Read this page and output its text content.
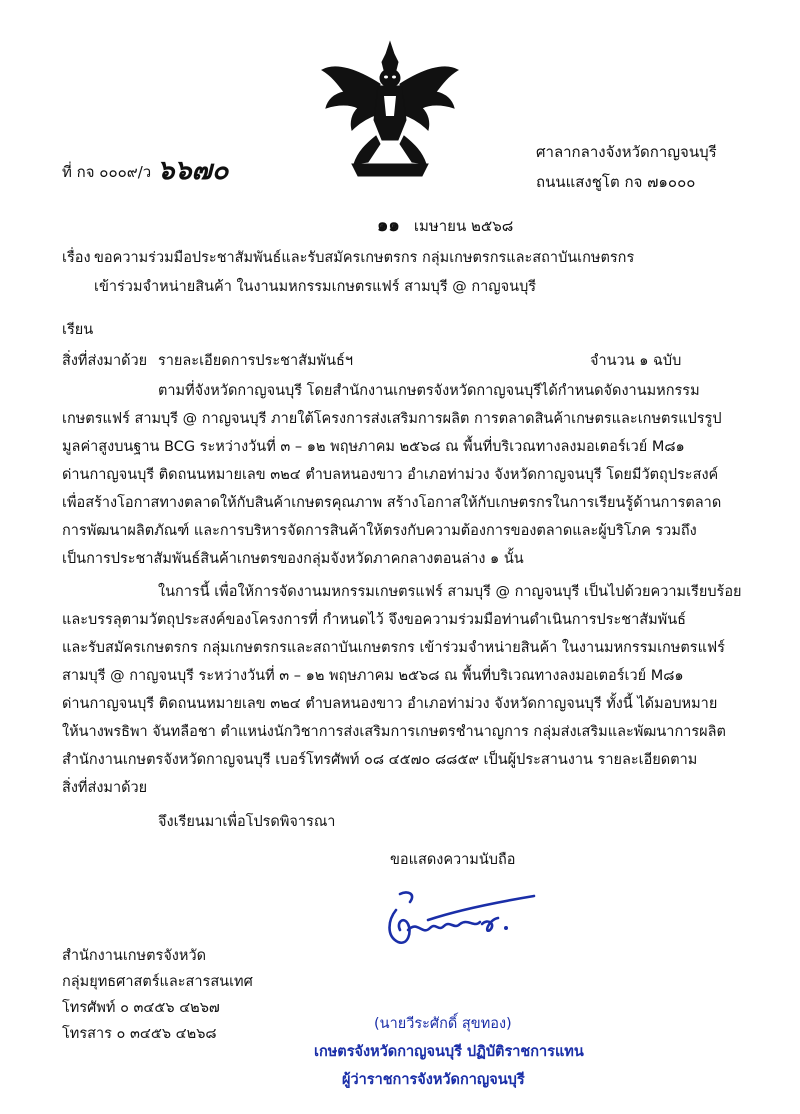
ที่ กจ ๐๐๐๙/ว ๖๖๗๐
ศาลากลางจังหวัดกาญจนบุรี
ถนนแสงชูโต กจ ๗๑๐๐๐
๑๑ เมษายน ๒๕๖๘
เรื่อง ขอความร่วมมือประชาสัมพันธ์และรับสมัครเกษตรกร กลุ่มเกษตรกรและสถาบันเกษตรกร
เข้าร่วมจำหน่ายสินค้า ในงานมหกรรมเกษตรแฟร์ สามบุรี @ กาญจนบุรี
เรียน
สิ่งที่ส่งมาด้วย รายละเอียดการประชาสัมพันธ์ฯ	จำนวน ๑ ฉบับ
ตามที่จังหวัดกาญจนบุรี โดยสำนักงานเกษตรจังหวัดกาญจนบุรีได้กำหนดจัดงานมหกรรม
เกษตรแฟร์ สามบุรี @ กาญจนบุรี ภายใต้โครงการส่งเสริมการผลิต การตลาดสินค้าเกษตรและเกษตรแปรรูป
มูลค่าสูงบนฐาน BCG ระหว่างวันที่ ๓ – ๑๒ พฤษภาคม ๒๕๖๘ ณ พื้นที่บริเวณทางลงมอเตอร์เวย์ M๘๑
ด่านกาญจนบุรี ติดถนนหมายเลข ๓๒๔ ตำบลหนองขาว อำเภอท่าม่วง จังหวัดกาญจนบุรี โดยมีวัตถุประสงค์
เพื่อสร้างโอกาสทางตลาดให้กับสินค้าเกษตรคุณภาพ สร้างโอกาสให้กับเกษตรกรในการเรียนรู้ด้านการตลาด
การพัฒนาผลิตภัณฑ์ และการบริหารจัดการสินค้าให้ตรงกับความต้องการของตลาดและผู้บริโภค รวมถึง
เป็นการประชาสัมพันธ์สินค้าเกษตรของกลุ่มจังหวัดภาคกลางตอนล่าง ๑ นั้น
ในการนี้ เพื่อให้การจัดงานมหกรรมเกษตรแฟร์ สามบุรี @ กาญจนบุรี เป็นไปด้วยความเรียบร้อย
และบรรลุตามวัตถุประสงค์ของโครงการที่ กำหนดไว้ จึงขอความร่วมมือท่านดำเนินการประชาสัมพันธ์
และรับสมัครเกษตรกร กลุ่มเกษตรกรและสถาบันเกษตรกร เข้าร่วมจำหน่ายสินค้า ในงานมหกรรมเกษตรแฟร์
สามบุรี @ กาญจนบุรี ระหว่างวันที่ ๓ – ๑๒ พฤษภาคม ๒๕๖๘ ณ พื้นที่บริเวณทางลงมอเตอร์เวย์ M๘๑
ด่านกาญจนบุรี ติดถนนหมายเลข ๓๒๔ ตำบลหนองขาว อำเภอท่าม่วง จังหวัดกาญจนบุรี ทั้งนี้ ได้มอบหมาย
ให้นางพรธิพา จันทลือชา ตำแหน่งนักวิชาการส่งเสริมการเกษตรชำนาญการ กลุ่มส่งเสริมและพัฒนาการผลิต
สำนักงานเกษตรจังหวัดกาญจนบุรี เบอร์โทรศัพท์ ๐๘ ๔๕๗๐ ๘๘๕๙ เป็นผู้ประสานงาน รายละเอียดตาม
สิ่งที่ส่งมาด้วย
จึงเรียนมาเพื่อโปรดพิจารณา
ขอแสดงความนับถือ
สำนักงานเกษตรจังหวัด
กลุ่มยุทธศาสตร์และสารสนเทศ
โทรศัพท์ ๐ ๓๔๕๖ ๔๒๖๗
โทรสาร ๐ ๓๔๕๖ ๔๒๖๘
(นายวีระศักดิ์ สุขทอง)
เกษตรจังหวัดกาญจนบุรี ปฏิบัติราชการแทน
ผู้ว่าราชการจังหวัดกาญจนบุรี
